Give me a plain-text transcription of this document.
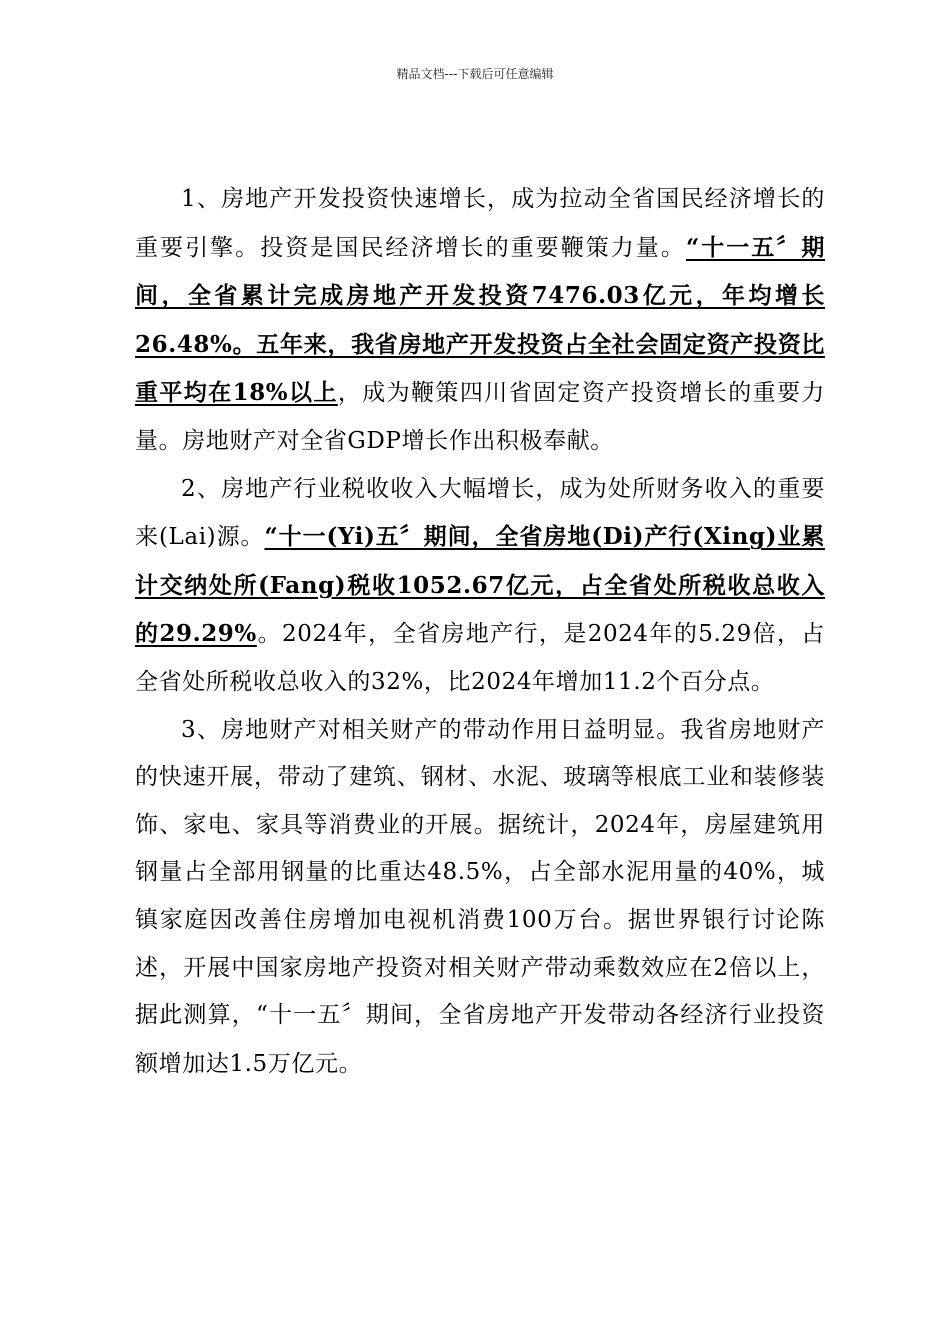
精品文档---下载后可任意编辑

1、房地产开发投资快速增长，成为拉动全省国民经济增长的重要引擎。投资是国民经济增长的重要鞭策力量。“十一五〞期间，全省累计完成房地产开发投资7476.03亿元，年均增长26.48%。五年来，我省房地产开发投资占全社会固定资产投资比重平均在18%以上，成为鞭策四川省固定资产投资增长的重要力量。房地财产对全省GDP增长作出积极奉献。

2、房地产行业税收收入大幅增长，成为处所财务收入的重要来(Lai)源。“十一(Yi)五〞期间，全省房地(Di)产行(Xing)业累计交纳处所(Fang)税收1052.67亿元，占全省处所税收总收入的29.29%。2024年，全省房地产行，是2024年的5.29倍，占全省处所税收总收入的32%，比2024年增加11.2个百分点。

3、房地财产对相关财产的带动作用日益明显。我省房地财产的快速开展，带动了建筑、钢材、水泥、玻璃等根底工业和装修装饰、家电、家具等消费业的开展。据统计，2024年，房屋建筑用钢量占全部用钢量的比重达48.5%，占全部水泥用量的40%，城镇家庭因改善住房增加电视机消费100万台。据世界银行讨论陈述，开展中国家房地产投资对相关财产带动乘数效应在2倍以上，据此测算，“十一五〞期间，全省房地产开发带动各经济行业投资额增加达1.5万亿元。
